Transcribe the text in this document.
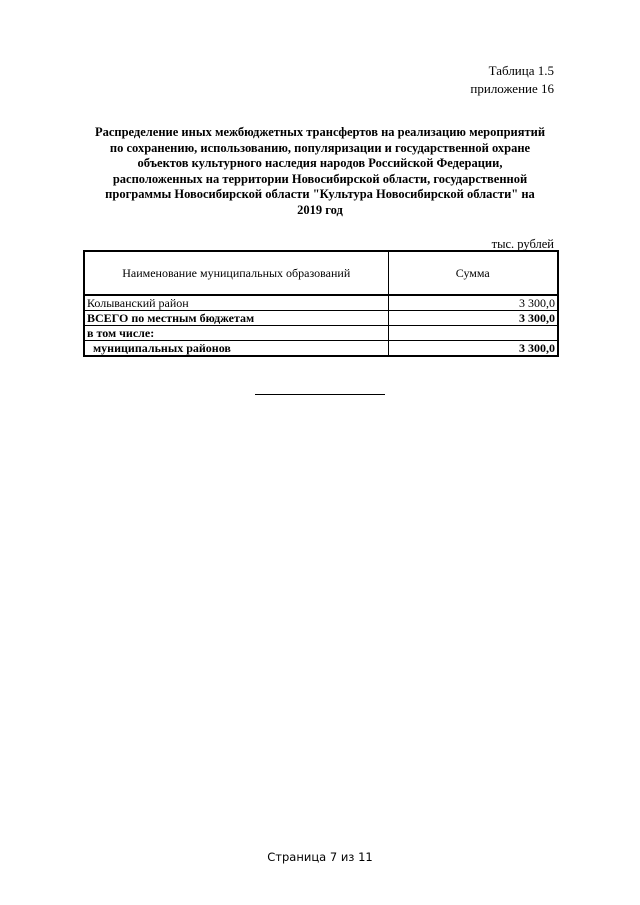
Таблица 1.5
приложение 16
Распределение иных межбюджетных трансфертов на реализацию мероприятий
по сохранению, использованию, популяризации и государственной охране
объектов культурного наследия народов Российской Федерации,
расположенных на территории Новосибирской области, государственной
программы Новосибирской области "Культура Новосибирской области" на
2019 год
тыс. рублей
Наименование муниципальных образований	Сумма
Колыванский район	3 300,0
ВСЕГО по местным бюджетам	3 300,0
в том числе:	
муниципальных районов	3 300,0
Страница 7 из 11
